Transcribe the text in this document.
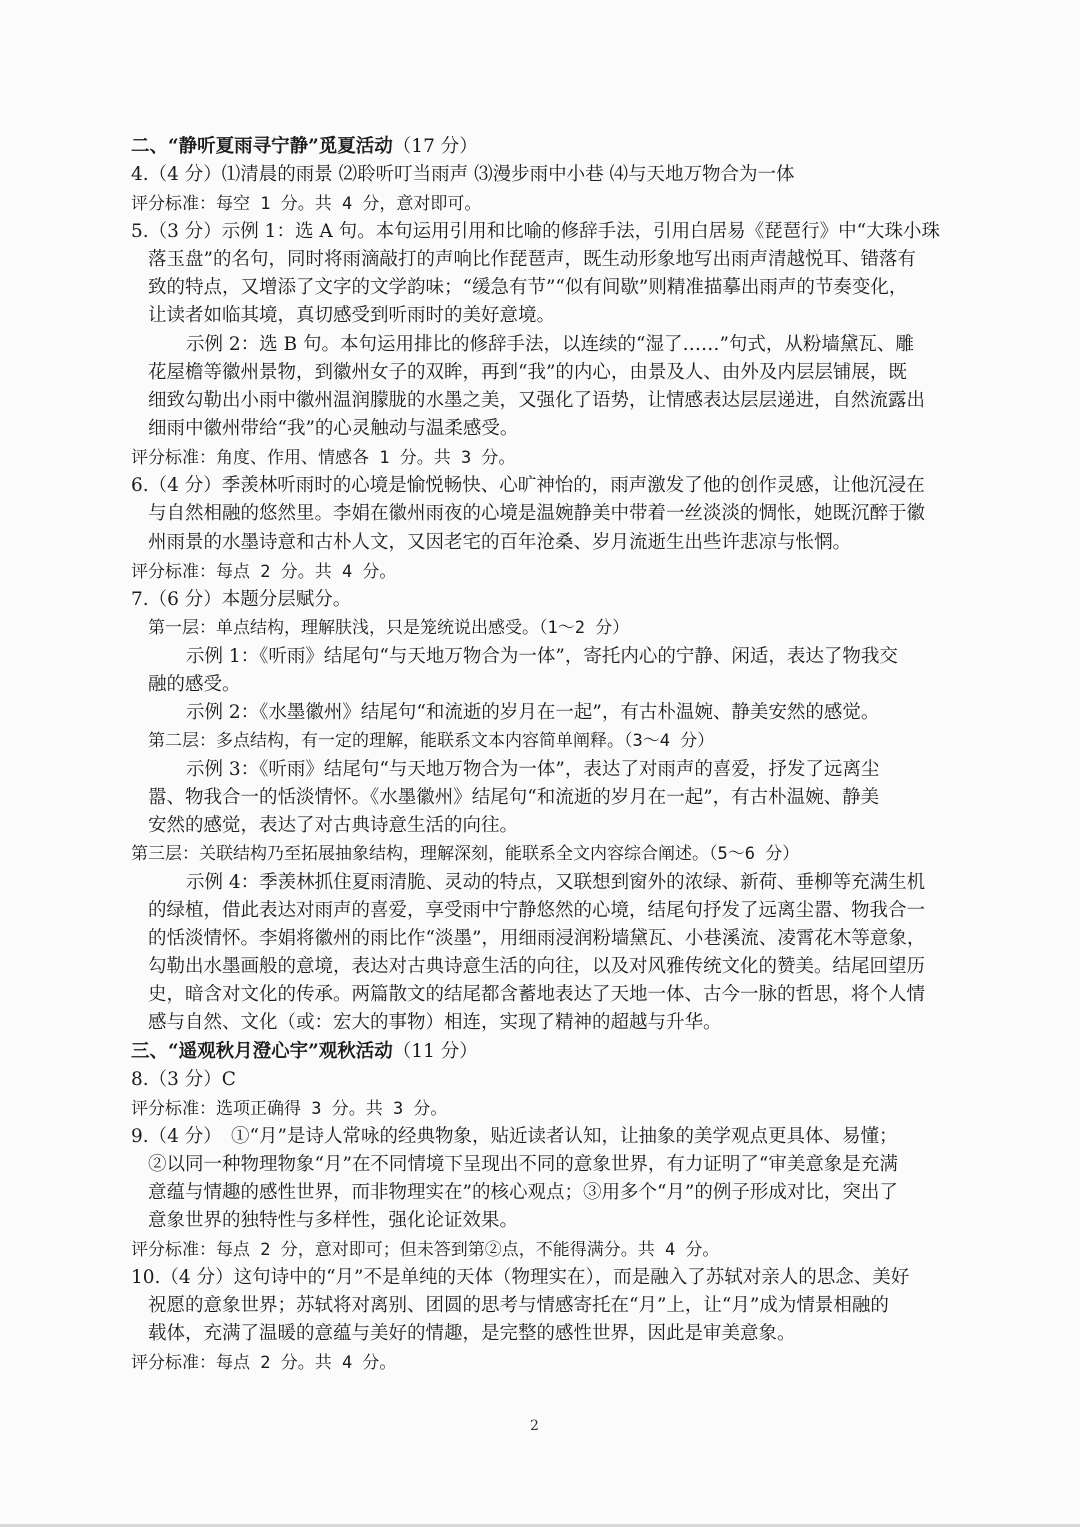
二、“静听夏雨寻宁静”觅夏活动（17 分）
4.（4 分）⑴清晨的雨景 ⑵聆听叮当雨声 ⑶漫步雨中小巷 ⑷与天地万物合为一体
评分标准：每空 1 分。共 4 分，意对即可。
5.（3 分）示例 1：选 A 句。本句运用引用和比喻的修辞手法，引用白居易《琵琶行》中“大珠小珠
落玉盘”的名句，同时将雨滴敲打的声响比作琵琶声，既生动形象地写出雨声清越悦耳、错落有
致的特点，又增添了文字的文学韵味；“缓急有节”“似有间歇”则精准描摹出雨声的节奏变化，
让读者如临其境，真切感受到听雨时的美好意境。
示例 2：选 B 句。本句运用排比的修辞手法，以连续的“湿了……”句式，从粉墙黛瓦、雕
花屋檐等徽州景物，到徽州女子的双眸，再到“我”的内心，由景及人、由外及内层层铺展，既
细致勾勒出小雨中徽州温润朦胧的水墨之美，又强化了语势，让情感表达层层递进，自然流露出
细雨中徽州带给“我”的心灵触动与温柔感受。
评分标准：角度、作用、情感各 1 分。共 3 分。
6.（4 分）季羡林听雨时的心境是愉悦畅快、心旷神怡的，雨声激发了他的创作灵感，让他沉浸在
与自然相融的悠然里。李娟在徽州雨夜的心境是温婉静美中带着一丝淡淡的惆怅，她既沉醉于徽
州雨景的水墨诗意和古朴人文，又因老宅的百年沧桑、岁月流逝生出些许悲凉与怅惘。
评分标准：每点 2 分。共 4 分。
7.（6 分）本题分层赋分。
第一层：单点结构，理解肤浅，只是笼统说出感受。（1～2 分）
示例 1：《听雨》结尾句“与天地万物合为一体”，寄托内心的宁静、闲适，表达了物我交
融的感受。
示例 2：《水墨徽州》结尾句“和流逝的岁月在一起”，有古朴温婉、静美安然的感觉。
第二层：多点结构，有一定的理解，能联系文本内容简单阐释。（3～4 分）
示例 3：《听雨》结尾句“与天地万物合为一体”，表达了对雨声的喜爱，抒发了远离尘
嚣、物我合一的恬淡情怀。《水墨徽州》结尾句“和流逝的岁月在一起”，有古朴温婉、静美
安然的感觉，表达了对古典诗意生活的向往。
第三层：关联结构乃至拓展抽象结构，理解深刻，能联系全文内容综合阐述。（5～6 分）
示例 4：季羡林抓住夏雨清脆、灵动的特点，又联想到窗外的浓绿、新荷、垂柳等充满生机
的绿植，借此表达对雨声的喜爱，享受雨中宁静悠然的心境，结尾句抒发了远离尘嚣、物我合一
的恬淡情怀。李娟将徽州的雨比作“淡墨”，用细雨浸润粉墙黛瓦、小巷溪流、凌霄花木等意象，
勾勒出水墨画般的意境，表达对古典诗意生活的向往，以及对风雅传统文化的赞美。结尾回望历
史，暗含对文化的传承。两篇散文的结尾都含蓄地表达了天地一体、古今一脉的哲思，将个人情
感与自然、文化（或：宏大的事物）相连，实现了精神的超越与升华。
三、“遥观秋月澄心宇”观秋活动（11 分）
8.（3 分）C
评分标准：选项正确得 3 分。共 3 分。
9.（4 分）　①“月”是诗人常咏的经典物象，贴近读者认知，让抽象的美学观点更具体、易懂；
②以同一种物理物象“月”在不同情境下呈现出不同的意象世界，有力证明了“审美意象是充满
意蕴与情趣的感性世界，而非物理实在”的核心观点；③用多个“月”的例子形成对比，突出了
意象世界的独特性与多样性，强化论证效果。
评分标准：每点 2 分，意对即可；但未答到第②点，不能得满分。共 4 分。
10.（4 分）这句诗中的“月”不是单纯的天体（物理实在），而是融入了苏轼对亲人的思念、美好
祝愿的意象世界；苏轼将对离别、团圆的思考与情感寄托在“月”上，让“月”成为情景相融的
载体，充满了温暖的意蕴与美好的情趣，是完整的感性世界，因此是审美意象。
评分标准：每点 2 分。共 4 分。
2
